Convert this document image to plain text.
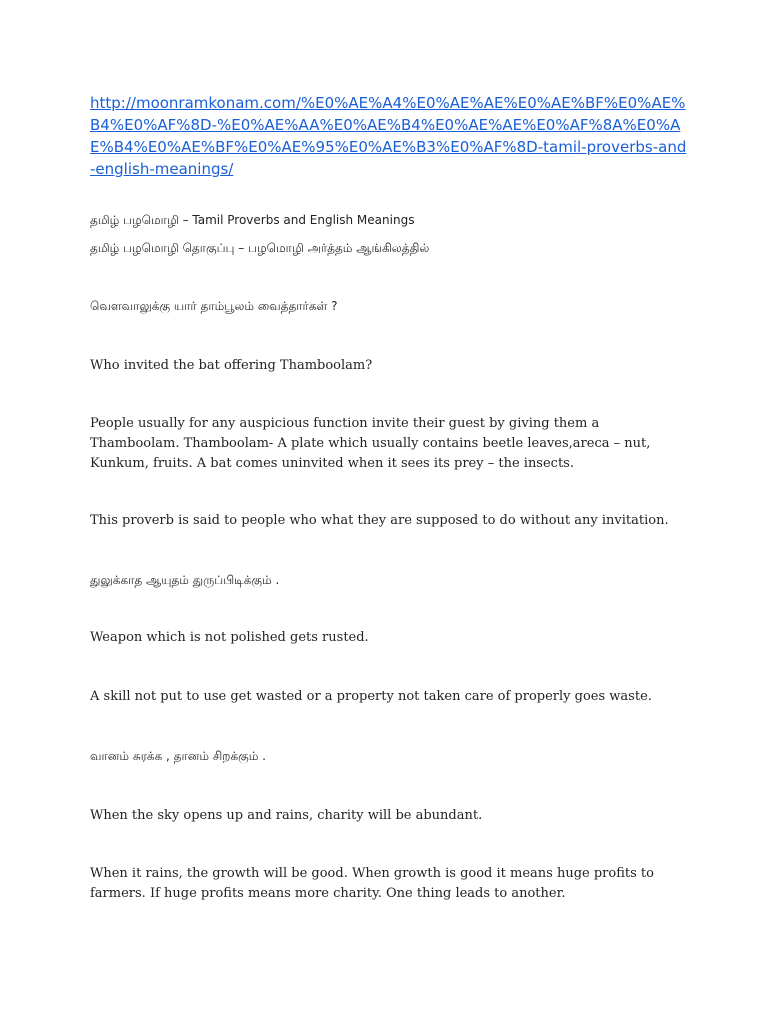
http://moonramkonam.com/%E0%AE%A4%E0%AE%AE%E0%AE%BF%E0%AE%B4%E0%AF%8D-%E0%AE%AA%E0%AE%B4%E0%AE%AE%E0%AF%8A%E0%AE%B4%E0%AE%BF%E0%AE%95%E0%AE%B3%E0%AF%8D-tamil-proverbs-and-english-meanings/

தமிழ் பழமொழி – Tamil Proverbs and English Meanings

தமிழ் பழமொழி தொகுப்பு – பழமொழி அர்த்தம் ஆங்கிலத்தில்

வௌவாலுக்கு யார் தாம்பூலம் வைத்தார்கள் ?

Who invited the bat offering Thamboolam?

People usually for any auspicious function invite their guest by giving them a Thamboolam. Thamboolam- A plate which usually contains beetle leaves,areca – nut, Kunkum, fruits. A bat comes uninvited when it sees its prey – the insects.

This proverb is said to people who what they are supposed to do without any invitation.

துலுக்காத ஆயுதம் துருப்பிடிக்கும் .

Weapon which is not polished gets rusted.

A skill not put to use get wasted or a property not taken care of properly goes waste.

வானம் சுரக்க , தானம் சிறக்கும் .

When the sky opens up and rains, charity will be abundant.

When it rains, the growth will be good. When growth is good it means huge profits to farmers. If huge profits means more charity. One thing leads to another.
